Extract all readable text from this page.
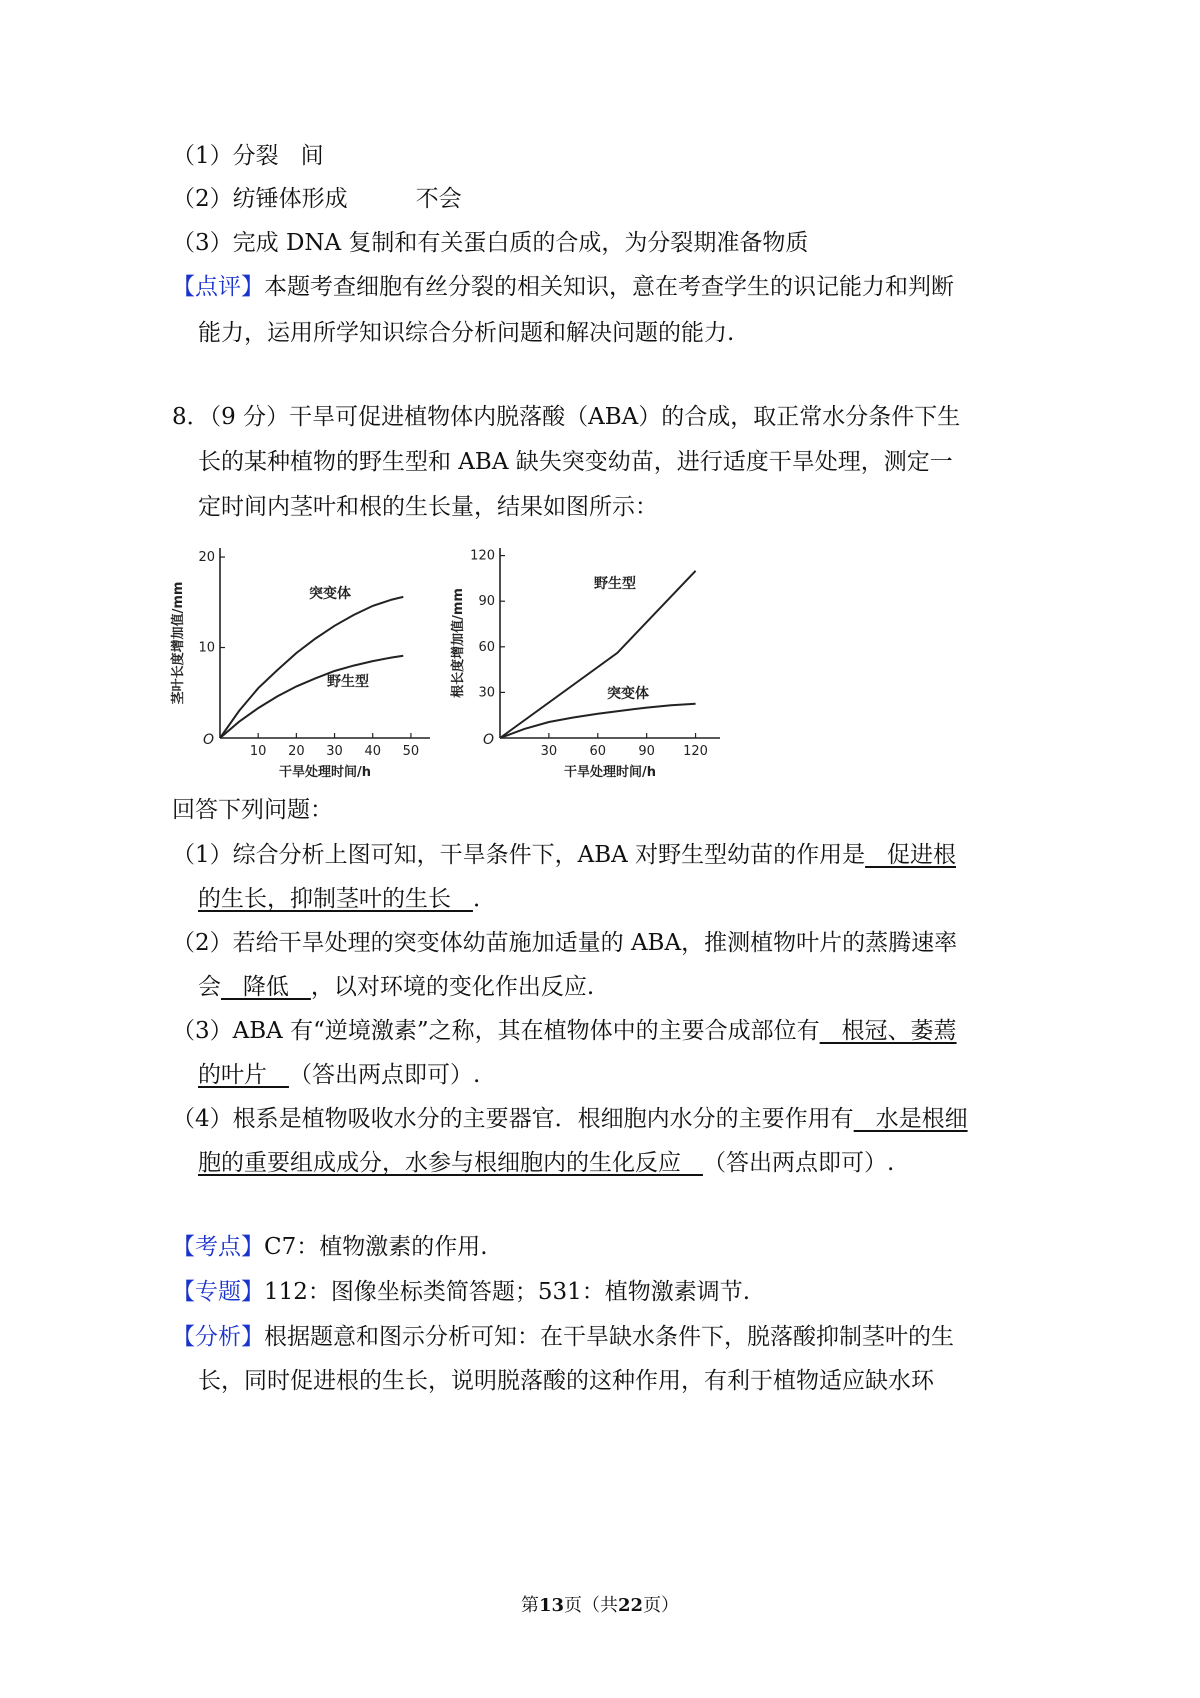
（1）分裂 间
（2）纺锤体形成	不会
（3）完成 DNA 复制和有关蛋白质的合成，为分裂期准备物质
【点评】本题考查细胞有丝分裂的相关知识，意在考查学生的识记能力和判断
能力，运用所学知识综合分析问题和解决问题的能力.
8．（9 分）干旱可促进植物体内脱落酸（ABA）的合成，取正常水分条件下生
长的某种植物的野生型和 ABA 缺失突变幼苗，进行适度干旱处理，测定一
定时间内茎叶和根的生长量，结果如图所示：
10 20 30 40 50
10
20
O
干旱处理时间/h
茎叶长度增加值/mm	突变体
野生型
30 60 90 120
30
60
90
120
O
干旱处理时间/h
根长度增加值/mm
野生型
突变体
回答下列问题：
（1）综合分析上图可知，干旱条件下，ABA 对野生型幼苗的作用是   促进根
的生长，抑制茎叶的生长   ．
（2）若给干旱处理的突变体幼苗施加适量的 ABA，推测植物叶片的蒸腾速率
会   降低   ，以对环境的变化作出反应.
（3）ABA 有“逆境激素”之称，其在植物体中的主要合成部位有   根冠、萎蔫
的叶片   （答出两点即可）.
（4）根系是植物吸收水分的主要器官．根细胞内水分的主要作用有   水是根细
胞的重要组成成分，水参与根细胞内的生化反应   （答出两点即可）.
【考点】C7：植物激素的作用.
【专题】112：图像坐标类简答题；531：植物激素调节.
【分析】根据题意和图示分析可知：在干旱缺水条件下，脱落酸抑制茎叶的生
长，同时促进根的生长，说明脱落酸的这种作用，有利于植物适应缺水环
第13页（共22页）
